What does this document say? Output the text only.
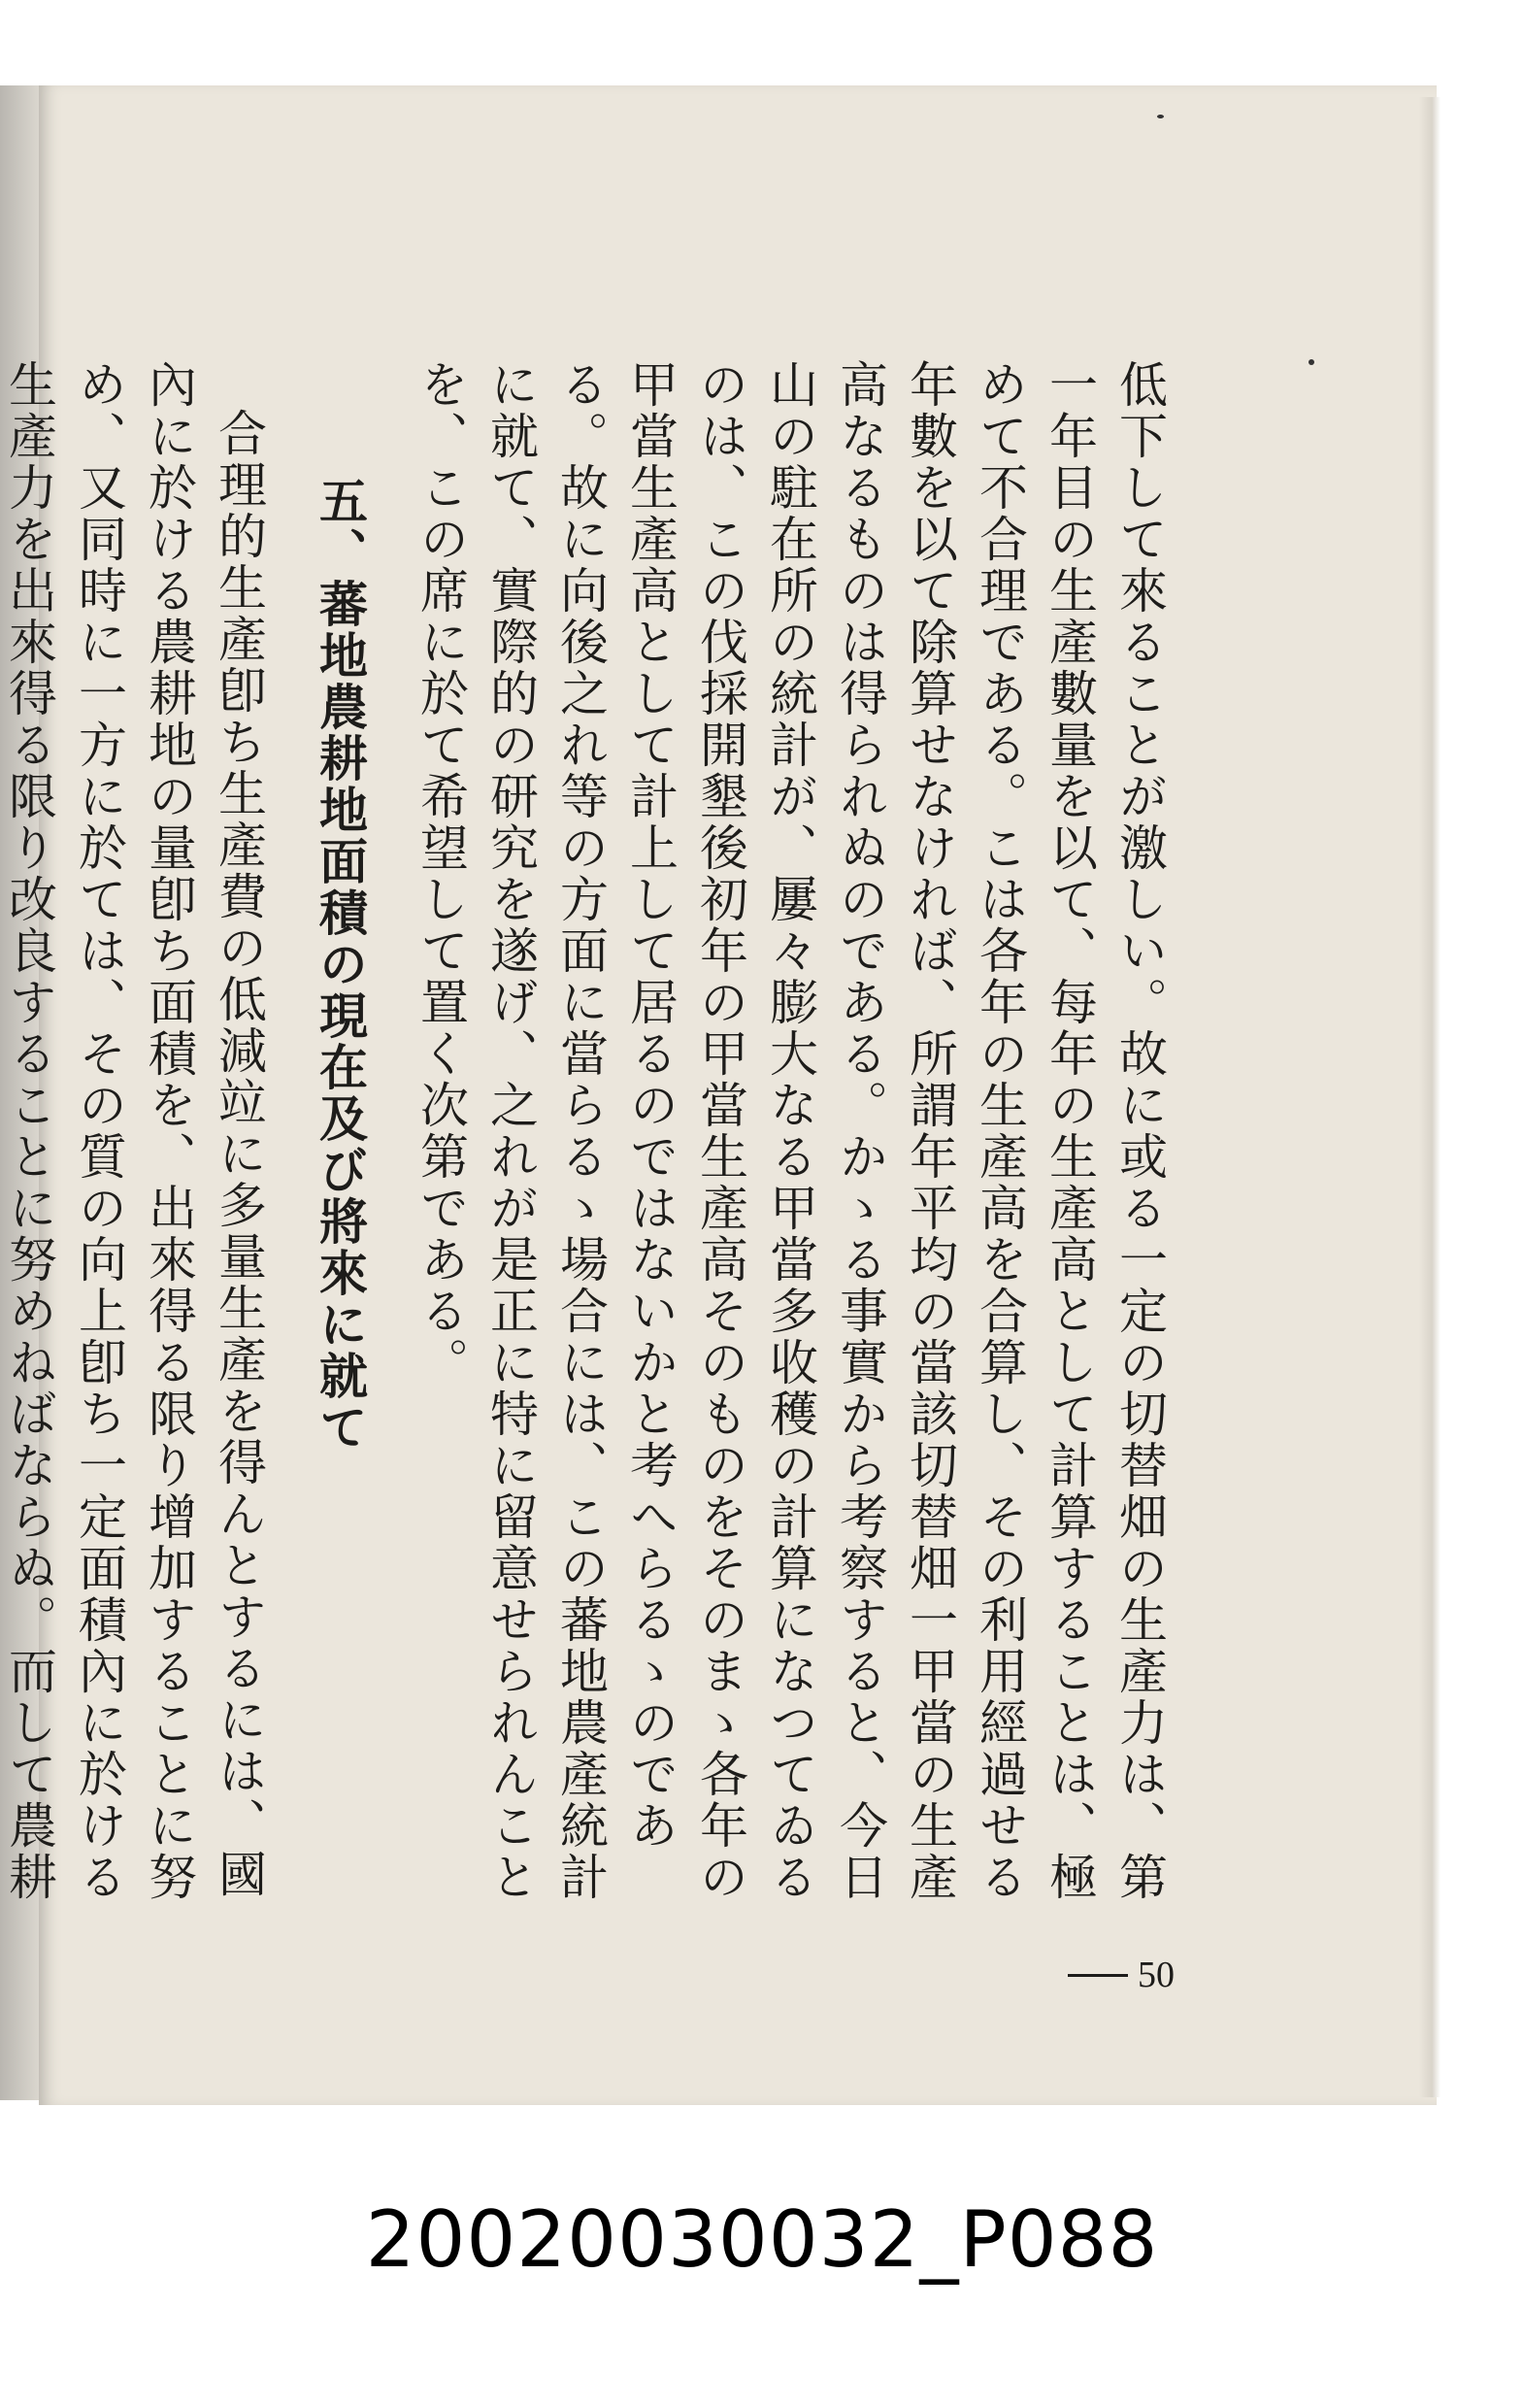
低下して來ることが激しい。故に或る一定の切替畑の生產力は、第一年目の生產數量を以て、每年の生產高として計算することは、極めて不合理である。こは各年の生產高を合算し、その利用經過せる年數を以て除算せなければ、所謂年平均の當該切替畑一甲當の生產高なるものは得られぬのである。かゝる事實から考察すると、今日山の駐在所の統計が、屢々膨大なる甲當多收穫の計算になつてゐるのは、この伐採開墾後初年の甲當生產高そのものをそのまゝ各年の甲當生產高として計上して居るのではないかと考へらるゝのである。故に向後之れ等の方面に當らるゝ場合には、この蕃地農產統計に就て、實際的の研究を遂げ、之れが是正に特に留意せられんことを、この席に於て希望して置く次第である。
五、蕃地農耕地面積の現在及び將來に就て
合理的生產卽ち生產費の低減竝に多量生產を得んとするには、國內に於ける農耕地の量卽ち面積を、出來得る限り增加することに努め、又同時に一方に於ては、その質の向上卽ち一定面積內に於ける生產力を出來得る限り改良することに努めねばならぬ。而して農耕
50
20020030032_P088
